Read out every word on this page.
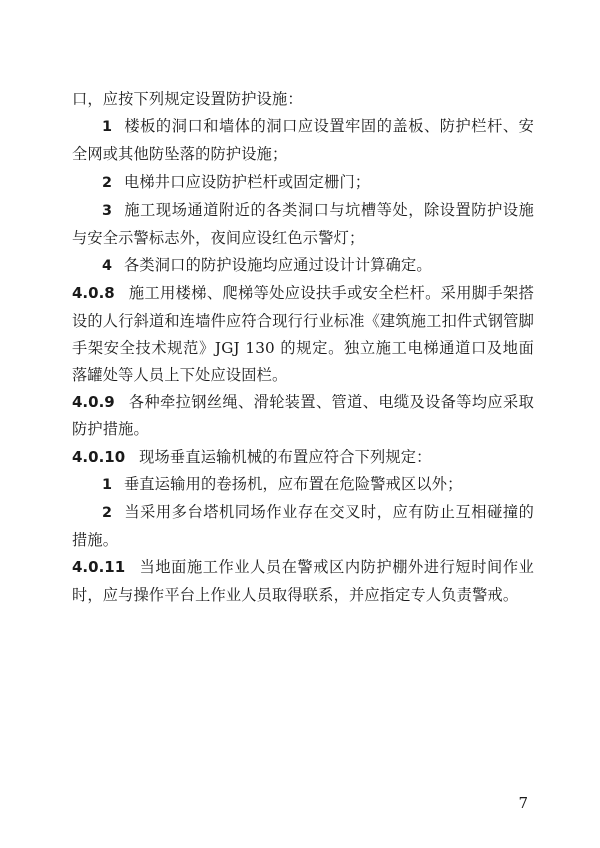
口，应按下列规定设置防护设施：

1 楼板的洞口和墙体的洞口应设置牢固的盖板、防护栏杆、安全网或其他防坠落的防护设施；

2 电梯井口应设防护栏杆或固定栅门；

3 施工现场通道附近的各类洞口与坑槽等处，除设置防护设施与安全示警标志外，夜间应设红色示警灯；

4 各类洞口的防护设施均应通过设计计算确定。

4.0.8 施工用楼梯、爬梯等处应设扶手或安全栏杆。采用脚手架搭设的人行斜道和连墙件应符合现行行业标准《建筑施工扣件式钢管脚手架安全技术规范》JGJ 130 的规定。独立施工电梯通道口及地面落罐处等人员上下处应设固栏。

4.0.9 各种牵拉钢丝绳、滑轮装置、管道、电缆及设备等均应采取防护措施。

4.0.10 现场垂直运输机械的布置应符合下列规定：

1 垂直运输用的卷扬机，应布置在危险警戒区以外；

2 当采用多台塔机同场作业存在交叉时，应有防止互相碰撞的措施。

4.0.11 当地面施工作业人员在警戒区内防护棚外进行短时间作业时，应与操作平台上作业人员取得联系，并应指定专人负责警戒。

7
